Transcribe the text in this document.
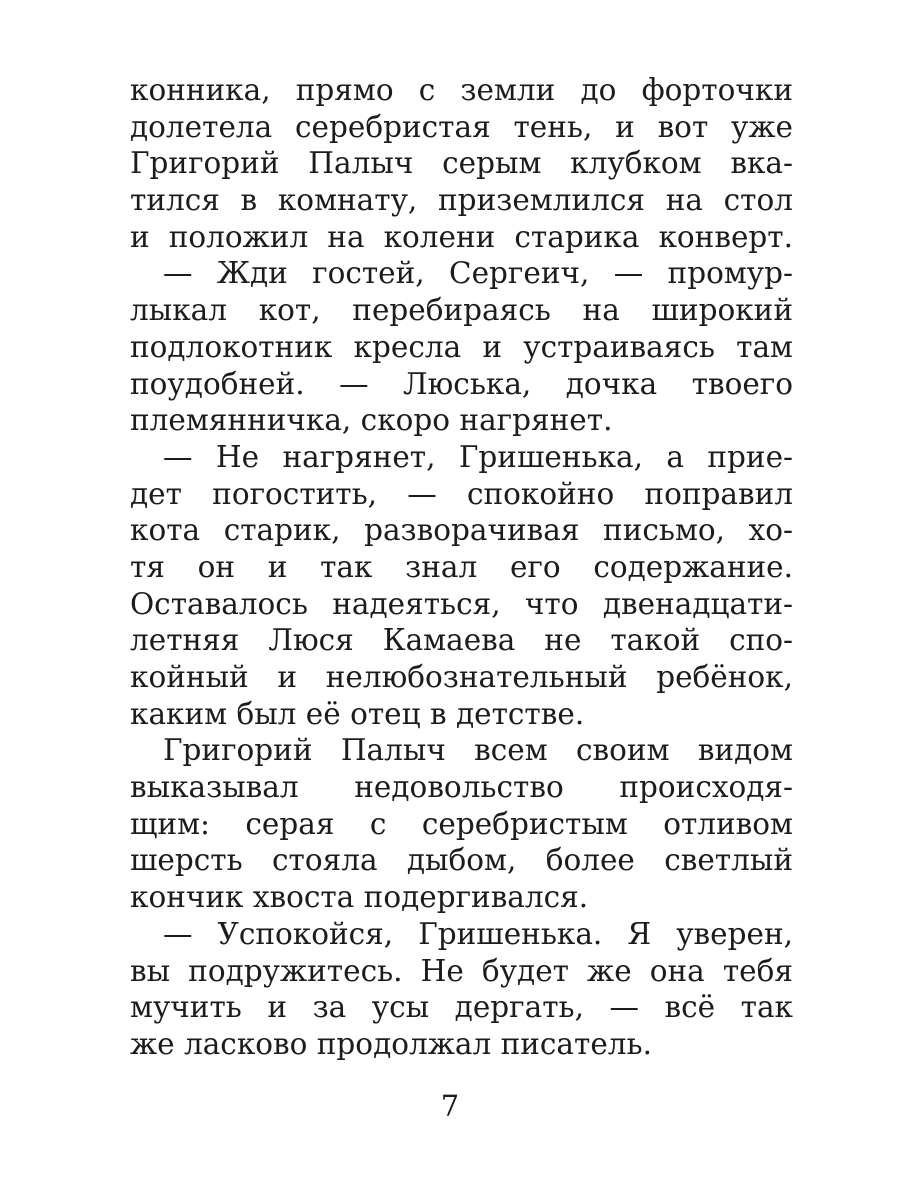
конника, прямо с земли до форточки
долетела серебристая тень, и вот уже
Григорий Палыч серым клубком вка-
тился в комнату, приземлился на стол
и положил на колени старика конверт.

— Жди гостей, Сергеич, — промур-
лыкал кот, перебираясь на широкий
подлокотник кресла и устраиваясь там
поудобней. — Люська, дочка твоего
племянничка, скоро нагрянет.

— Не нагрянет, Гришенька, а прие-
дет погостить, — спокойно поправил
кота старик, разворачивая письмо, хо-
тя он и так знал его содержание.
Оставалось надеяться, что двенадцати-
летняя Люся Камаева не такой спо-
койный и нелюбознательный ребёнок,
каким был её отец в детстве.

Григорий Палыч всем своим видом
выказывал недовольство происходя-
щим: серая с серебристым отливом
шерсть стояла дыбом, более светлый
кончик хвоста подергивался.

— Успокойся, Гришенька. Я уверен,
вы подружитесь. Не будет же она тебя
мучить и за усы дергать, — всё так
же ласково продолжал писатель.

7
